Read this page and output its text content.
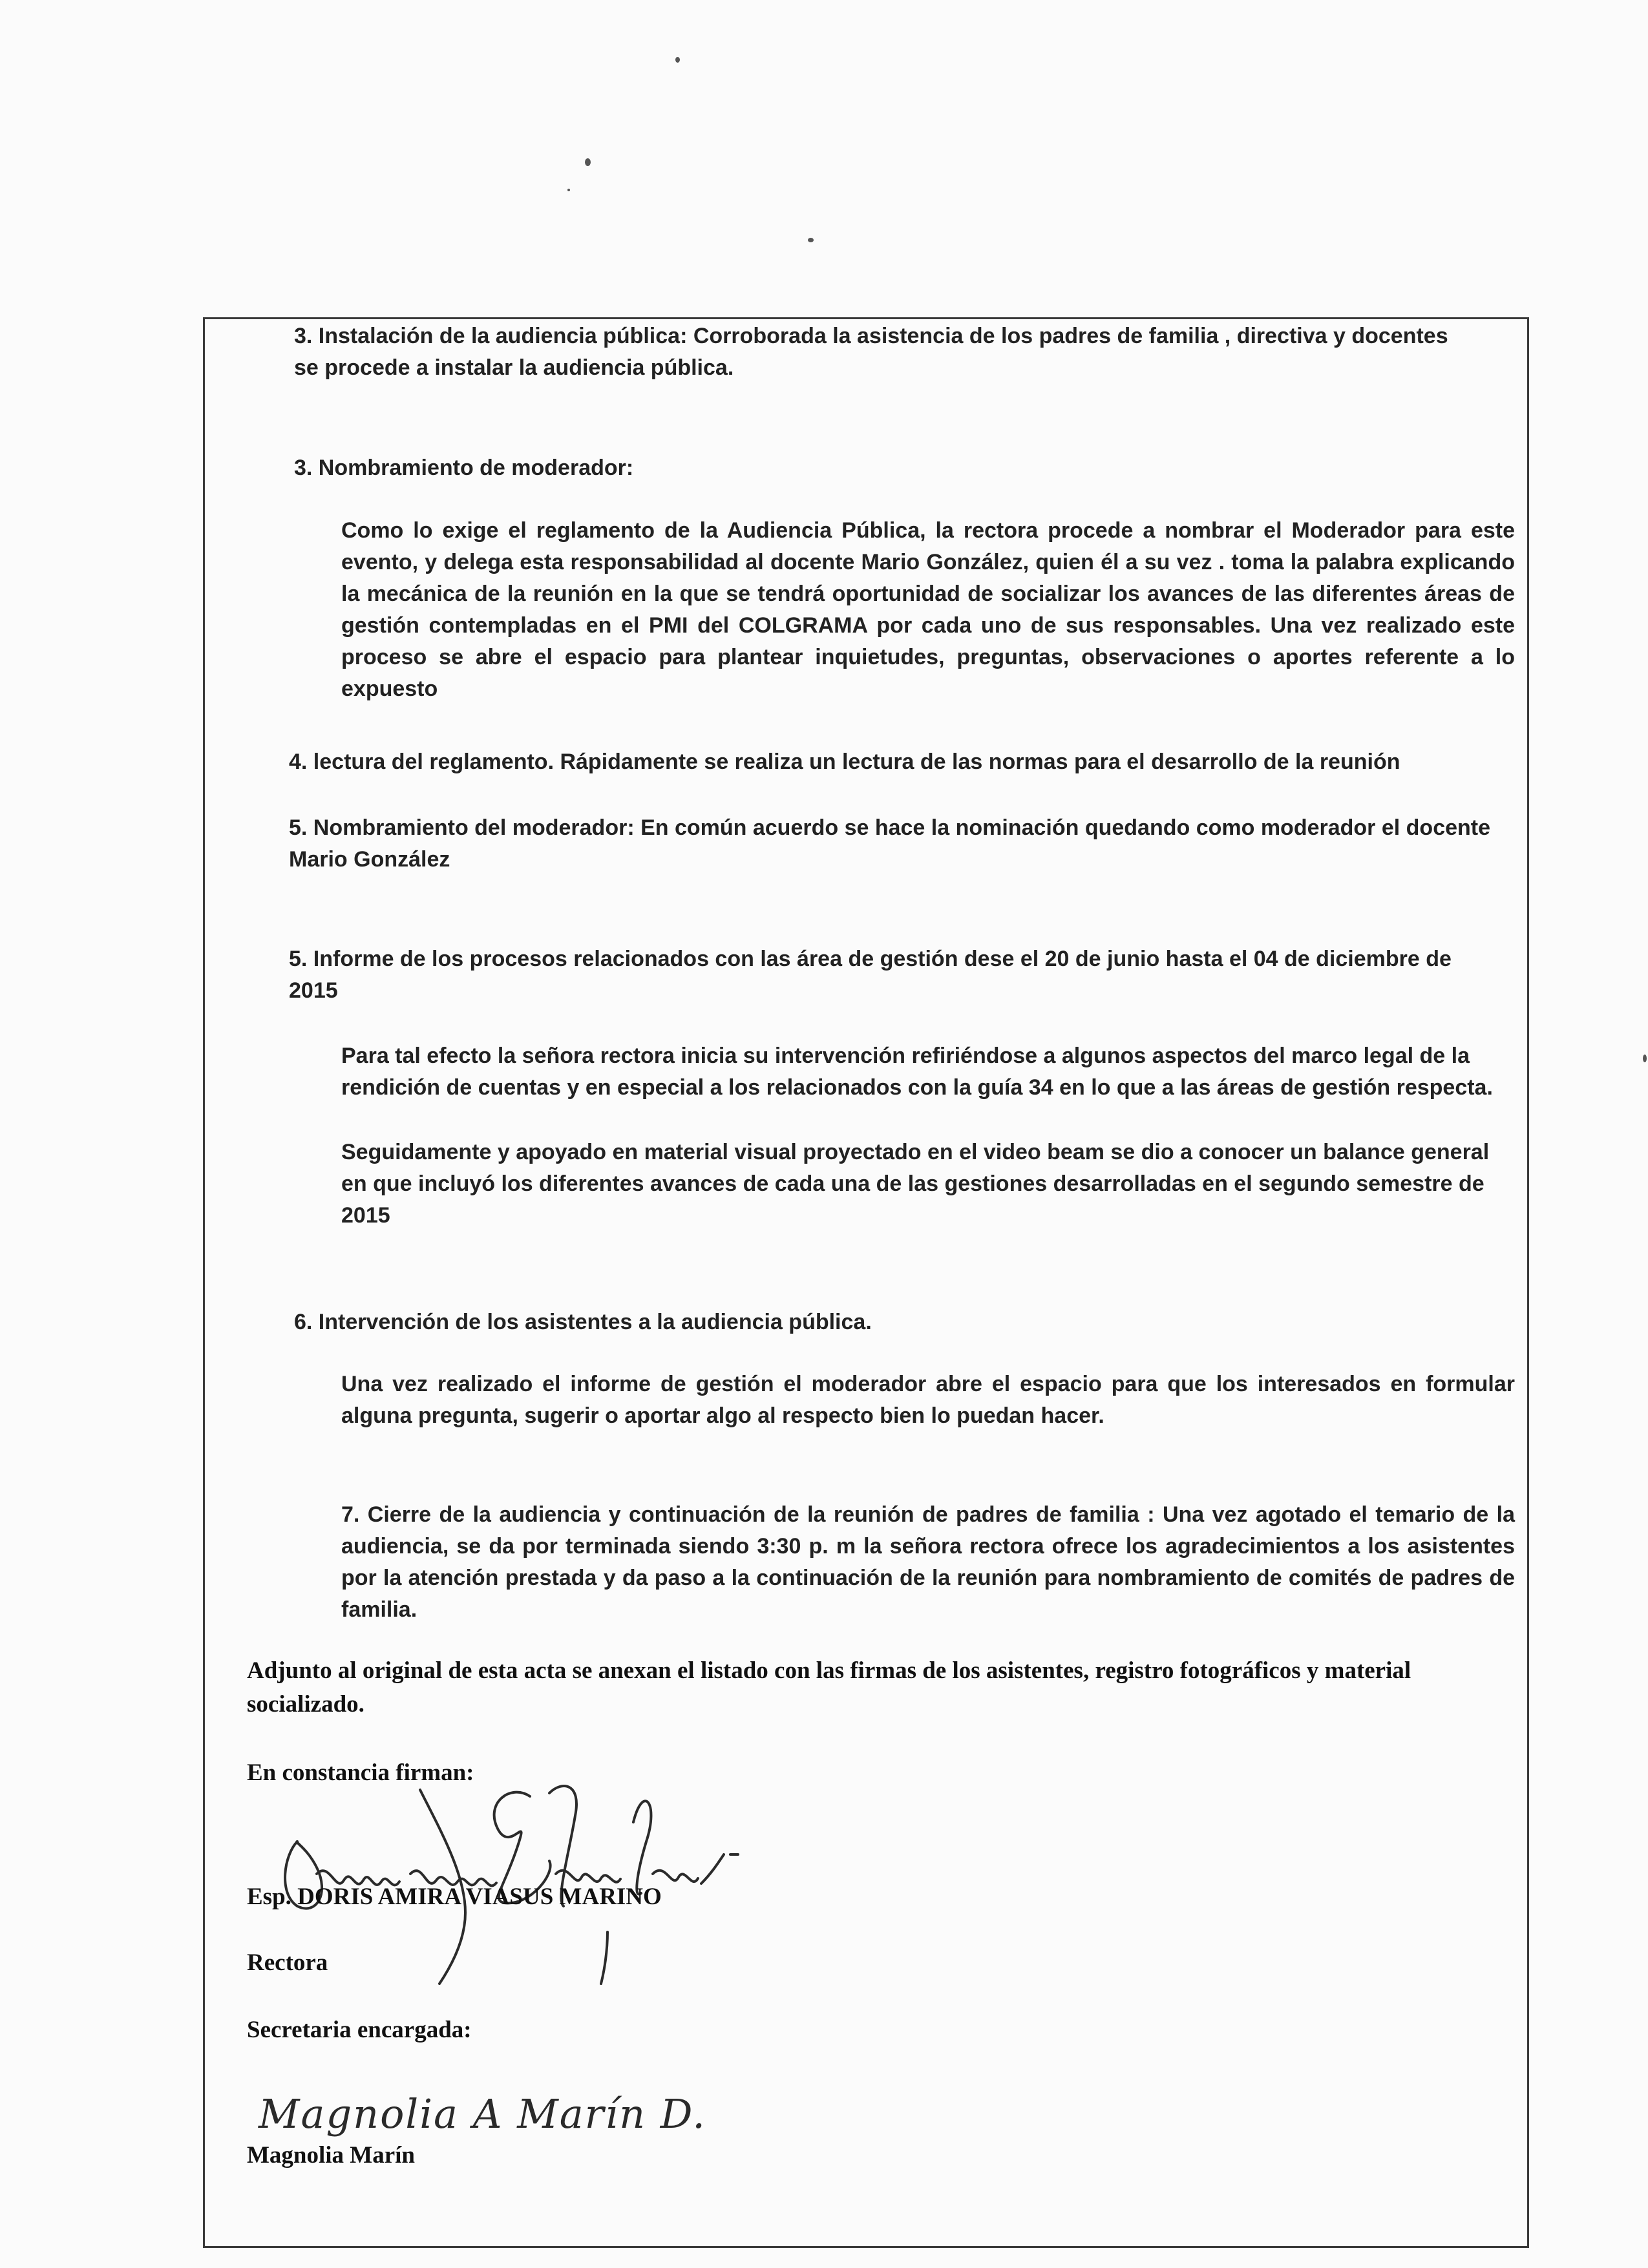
3. Instalación de la audiencia pública: Corroborada la asistencia de los padres de familia , directiva y docentes se procede a instalar la audiencia pública.

3. Nombramiento de moderador:

Como lo exige el reglamento de la Audiencia Pública, la rectora procede a nombrar el Moderador para este evento, y delega esta responsabilidad al docente Mario González, quien él a su vez . toma la palabra explicando la mecánica de la reunión en la que se tendrá oportunidad de socializar los avances de las diferentes áreas de gestión contempladas en el PMI del COLGRAMA por cada uno de sus responsables. Una vez realizado este proceso se abre el espacio para plantear inquietudes, preguntas, observaciones o aportes referente a lo expuesto

4. lectura del reglamento. Rápidamente se realiza un lectura de las normas para el desarrollo de la reunión

5. Nombramiento del moderador: En común acuerdo se hace la nominación quedando como moderador el docente Mario González

5. Informe de los procesos relacionados con las área de gestión dese el 20 de junio hasta el 04 de diciembre de 2015

Para tal efecto la señora rectora inicia su intervención refiriéndose a algunos aspectos del marco legal de la rendición de cuentas y en especial a los relacionados con la guía 34 en lo que a las áreas de gestión respecta.

Seguidamente y apoyado en material visual proyectado en el video beam se dio a conocer un balance general en que incluyó los diferentes avances de cada una de las gestiones desarrolladas en el segundo semestre de 2015

6. Intervención de los asistentes a la audiencia pública.

Una vez realizado el informe de gestión el moderador abre el espacio para que los interesados en formular alguna pregunta, sugerir o aportar algo al respecto bien lo puedan hacer.

7. Cierre de la audiencia y continuación de la reunión de padres de familia : Una vez agotado el temario de la audiencia, se da por terminada siendo 3:30 p. m la señora rectora ofrece los agradecimientos a los asistentes por la atención prestada y da paso a la continuación de la reunión para nombramiento de comités de padres de familia.

Adjunto al original de esta acta se anexan el listado con las firmas de los asistentes, registro fotográficos y material socializado.

En constancia firman:

Esp. DORIS AMIRA VIASUS MARINO

Rectora

Secretaria encargada:

Magnolia A Marín D.

Magnolia Marín
